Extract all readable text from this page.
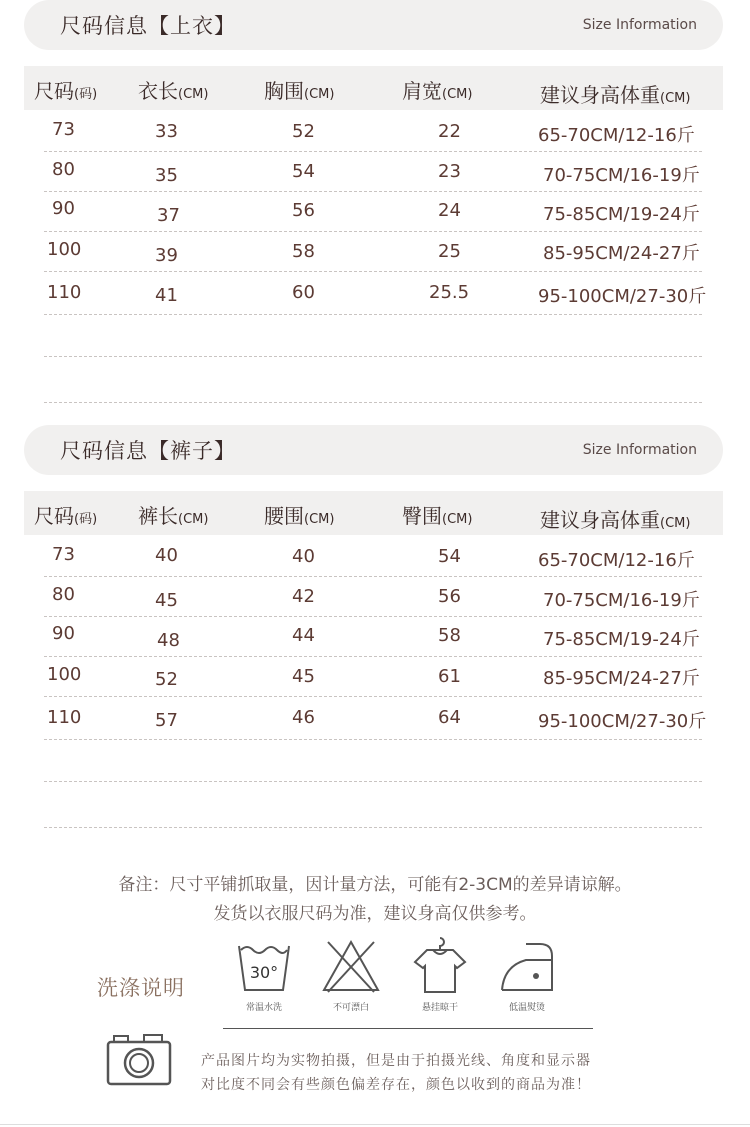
尺码信息【上衣】	Size Information
尺码(码) 衣长(CM)	胸围(CM)	肩宽(CM)	建议身高体重(CM)
73	33	52	22	65-70CM/12-16斤
80	35	54	23	70-75CM/16-19斤
90	37	56	24	75-85CM/19-24斤
100	39	58	25	85-95CM/24-27斤
110	41	60	25.5	95-100CM/27-30斤
尺码信息【裤子】	Size Information
尺码(码) 裤长(CM)	腰围(CM)	臀围(CM)	建议身高体重(CM)
73	40	40	54	65-70CM/12-16斤
80	45	42	56	70-75CM/16-19斤
90	48	44	58	75-85CM/19-24斤
100	52	45	61	85-95CM/24-27斤
110	57	46	64	95-100CM/27-30斤
备注：尺寸平铺抓取量，因计量方法，可能有2-3CM的差异请谅解。
发货以衣服尺码为准，建议身高仅供参考。
洗涤说明
30°
常温水洗	不可漂白	悬挂晾干	低温熨烫
产品图片均为实物拍摄，但是由于拍摄光线、角度和显示器
对比度不同会有些颜色偏差存在，颜色以收到的商品为准！
